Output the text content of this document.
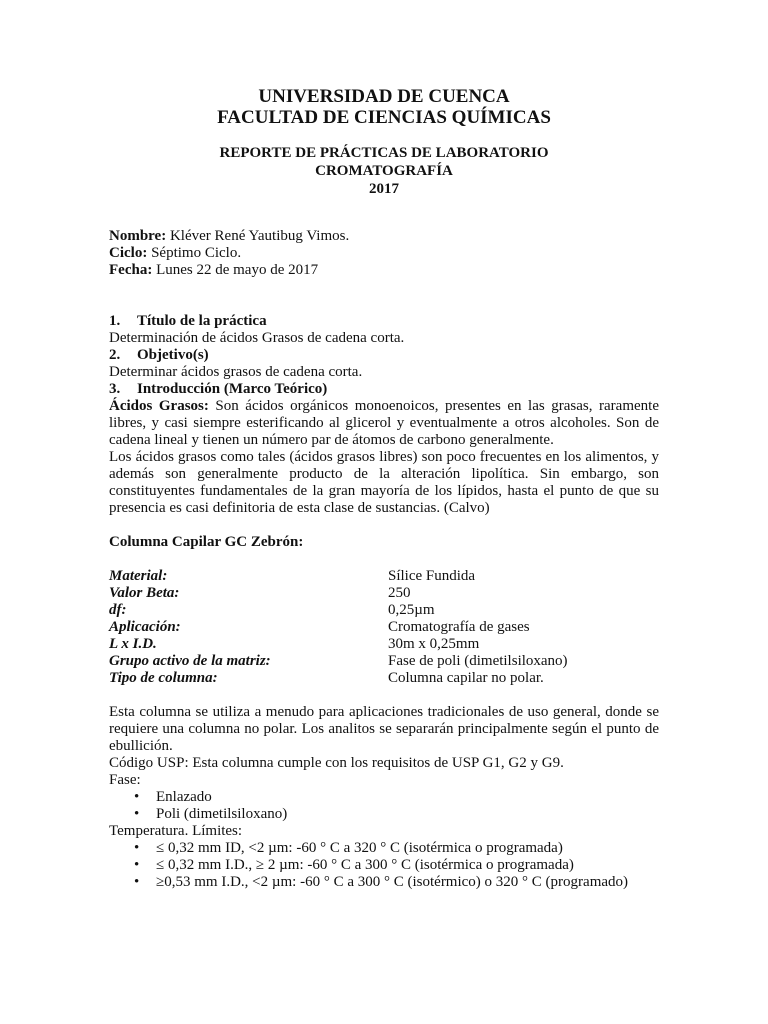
UNIVERSIDAD DE CUENCA
FACULTAD DE CIENCIAS QUÍMICAS
REPORTE DE PRÁCTICAS DE LABORATORIO
CROMATOGRAFÍA
2017
Nombre: Kléver René Yautibug Vimos.
Ciclo: Séptimo Ciclo.
Fecha: Lunes 22 de mayo de 2017
1.	Título de la práctica
Determinación de ácidos Grasos de cadena corta.
2.	Objetivo(s)
Determinar ácidos grasos de cadena corta.
3.	Introducción (Marco Teórico)

Ácidos Grasos: Son ácidos orgánicos monoenoicos, presentes en las grasas, raramente libres, y casi siempre esterificando al glicerol y eventualmente a otros alcoholes. Son de cadena lineal y tienen un número par de átomos de carbono generalmente.

Los ácidos grasos como tales (ácidos grasos libres) son poco frecuentes en los alimentos, y además son generalmente producto de la alteración lipolítica. Sin embargo, son constituyentes fundamentales de la gran mayoría de los lípidos, hasta el punto de que su presencia es casi definitoria de esta clase de sustancias. (Calvo)

Columna Capilar GC Zebrón:
Material:	Sílice Fundida
Valor Beta:	250
df:	0,25µm
Aplicación:	Cromatografía de gases
L x I.D.	30m x 0,25mm
Grupo activo de la matriz:	Fase de poli (dimetilsiloxano)
Tipo de columna:	Columna capilar no polar.

Esta columna se utiliza a menudo para aplicaciones tradicionales de uso general, donde se requiere una columna no polar. Los analitos se separarán principalmente según el punto de ebullición.

Código USP: Esta columna cumple con los requisitos de USP G1, G2 y G9.
Fase:
• Enlazado
• Poli (dimetilsiloxano)
Temperatura. Límites:
• ≤ 0,32 mm ID, <2 µm: -60 ° C a 320 ° C (isotérmica o programada)
• ≤ 0,32 mm I.D., ≥ 2 µm: -60 ° C a 300 ° C (isotérmica o programada)
• ≥0,53 mm I.D., <2 µm: -60 ° C a 300 ° C (isotérmico) o 320 ° C (programado)
